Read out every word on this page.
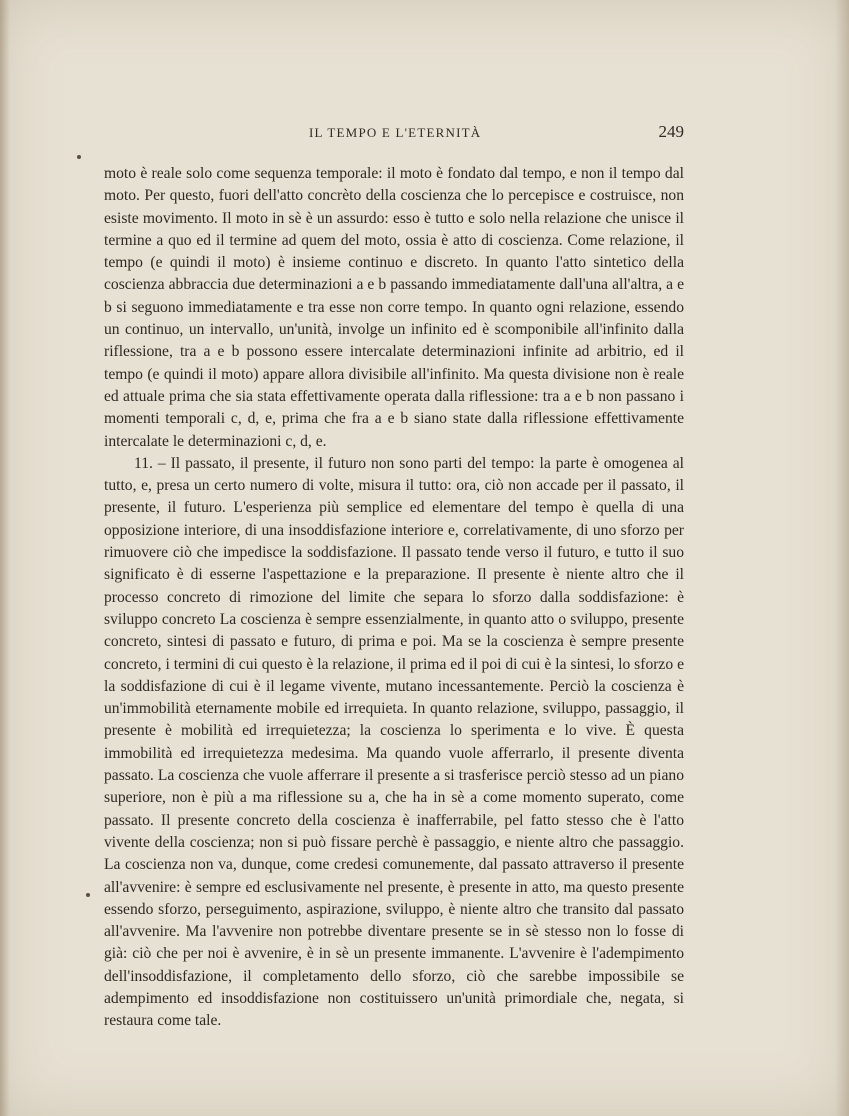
IL TEMPO E L'ETERNITÀ	249

moto è reale solo come sequenza temporale: il moto è fondato dal tempo, e non il tempo dal moto. Per questo, fuori dell'atto concrèto della coscienza che lo percepisce e costruisce, non esiste movimento. Il moto in sè è un assurdo: esso è tutto e solo nella relazione che unisce il termine a quo ed il termine ad quem del moto, ossia è atto di coscienza. Come relazione, il tempo (e quindi il moto) è insieme continuo e discreto. In quanto l'atto sintetico della coscienza abbraccia due determinazioni a e b passando immediatamente dall'una all'altra, a e b si seguono immediatamente e tra esse non corre tempo. In quanto ogni relazione, essendo un continuo, un intervallo, un'unità, involge un infinito ed è scomponibile all'infinito dalla riflessione, tra a e b possono essere intercalate determinazioni infinite ad arbitrio, ed il tempo (e quindi il moto) appare allora divisibile all'infinito. Ma questa divisione non è reale ed attuale prima che sia stata effettivamente operata dalla riflessione: tra a e b non passano i momenti temporali c, d, e, prima che fra a e b siano state dalla riflessione effettivamente intercalate le determinazioni c, d, e.

11. – Il passato, il presente, il futuro non sono parti del tempo: la parte è omogenea al tutto, e, presa un certo numero di volte, misura il tutto: ora, ciò non accade per il passato, il presente, il futuro. L'esperienza più semplice ed elementare del tempo è quella di una opposizione interiore, di una insoddisfazione interiore e, correlativamente, di uno sforzo per rimuovere ciò che impedisce la soddisfazione. Il passato tende verso il futuro, e tutto il suo significato è di esserne l'aspettazione e la preparazione. Il presente è niente altro che il processo concreto di rimozione del limite che separa lo sforzo dalla soddisfazione: è sviluppo concreto La coscienza è sempre essenzialmente, in quanto atto o sviluppo, presente concreto, sintesi di passato e futuro, di prima e poi. Ma se la coscienza è sempre presente concreto, i termini di cui questo è la relazione, il prima ed il poi di cui è la sintesi, lo sforzo e la soddisfazione di cui è il legame vivente, mutano incessantemente. Perciò la coscienza è un'immobilità eternamente mobile ed irrequieta. In quanto relazione, sviluppo, passaggio, il presente è mobilità ed irrequietezza; la coscienza lo sperimenta e lo vive. È questa immobilità ed irrequietezza medesima. Ma quando vuole afferrarlo, il presente diventa passato. La coscienza che vuole afferrare il presente a si trasferisce perciò stesso ad un piano superiore, non è più a ma riflessione su a, che ha in sè a come momento superato, come passato. Il presente concreto della coscienza è inafferrabile, pel fatto stesso che è l'atto vivente della coscienza; non si può fissare perchè è passaggio, e niente altro che passaggio. La coscienza non va, dunque, come credesi comunemente, dal passato attraverso il presente all'avvenire: è sempre ed esclusivamente nel presente, è presente in atto, ma questo presente essendo sforzo, perseguimento, aspirazione, sviluppo, è niente altro che transito dal passato all'avvenire. Ma l'avvenire non potrebbe diventare presente se in sè stesso non lo fosse di già: ciò che per noi è avvenire, è in sè un presente immanente. L'avvenire è l'adempimento dell'insoddisfazione, il completamento dello sforzo, ciò che sarebbe impossibile se adempimento ed insoddisfazione non costituissero un'unità primordiale che, negata, si restaura come tale.
